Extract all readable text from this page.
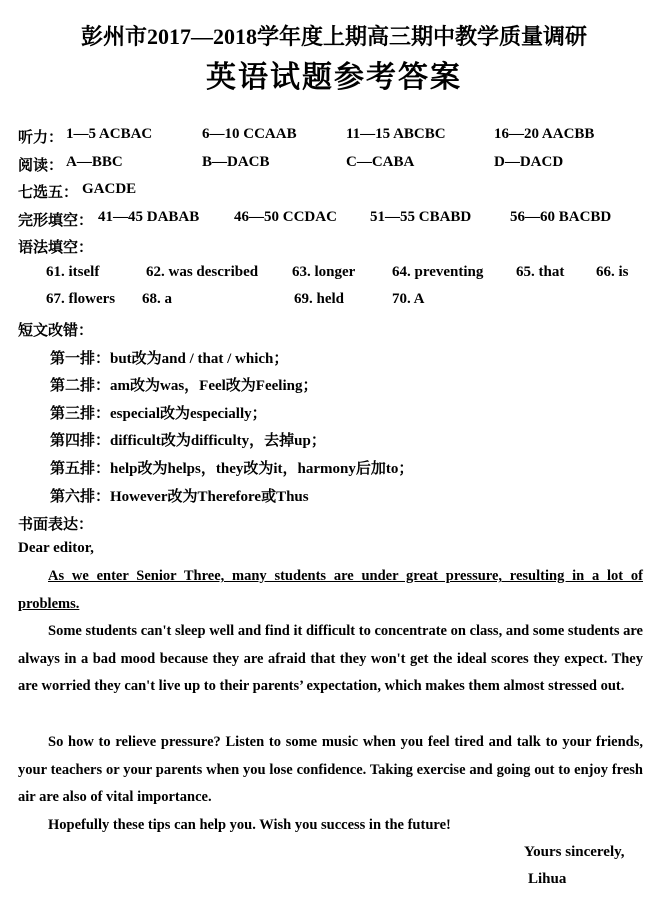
彭州市2017—2018学年度上期高三期中教学质量调研
英语试题参考答案
听力： 1—5 ACBAC	6—10 CCAAB	11—15 ABCBC	16—20 AACBB
阅读： A—BBC	B—DACB	C—CABA	D—DACD
七选五： GACDE
完形填空： 41—45 DABAB 46—50 CCDAC 51—55 CBABD	56—60 BACBD
语法填空：
61. itself	62. was described 63. longer 64. preventing 65. that 66. is
67. flowers 68. a	69. held	70. A
短文改错：
第一排：but改为and / that / which；
第二排：am改为was，Feel改为Feeling；
第三排：especial改为especially；
第四排：difficult改为difficulty，去掉up；
第五排：help改为helps，they改为it，harmony后加to；
第六排：However改为Therefore或Thus
书面表达：
Dear editor,
As we enter Senior Three, many students are under great pressure, resulting in a lot of problems.
Some students can't sleep well and find it difficult to concentrate on class, and some students are always in a bad mood because they are afraid that they won't get the ideal scores they expect. They are worried they can't live up to their parents’ expectation, which makes them almost stressed out.
So how to relieve pressure? Listen to some music when you feel tired and talk to your friends, your teachers or your parents when you lose confidence. Taking exercise and going out to enjoy fresh air are also of vital importance.
Hopefully these tips can help you. Wish you success in the future!
Yours sincerely,
Lihua
